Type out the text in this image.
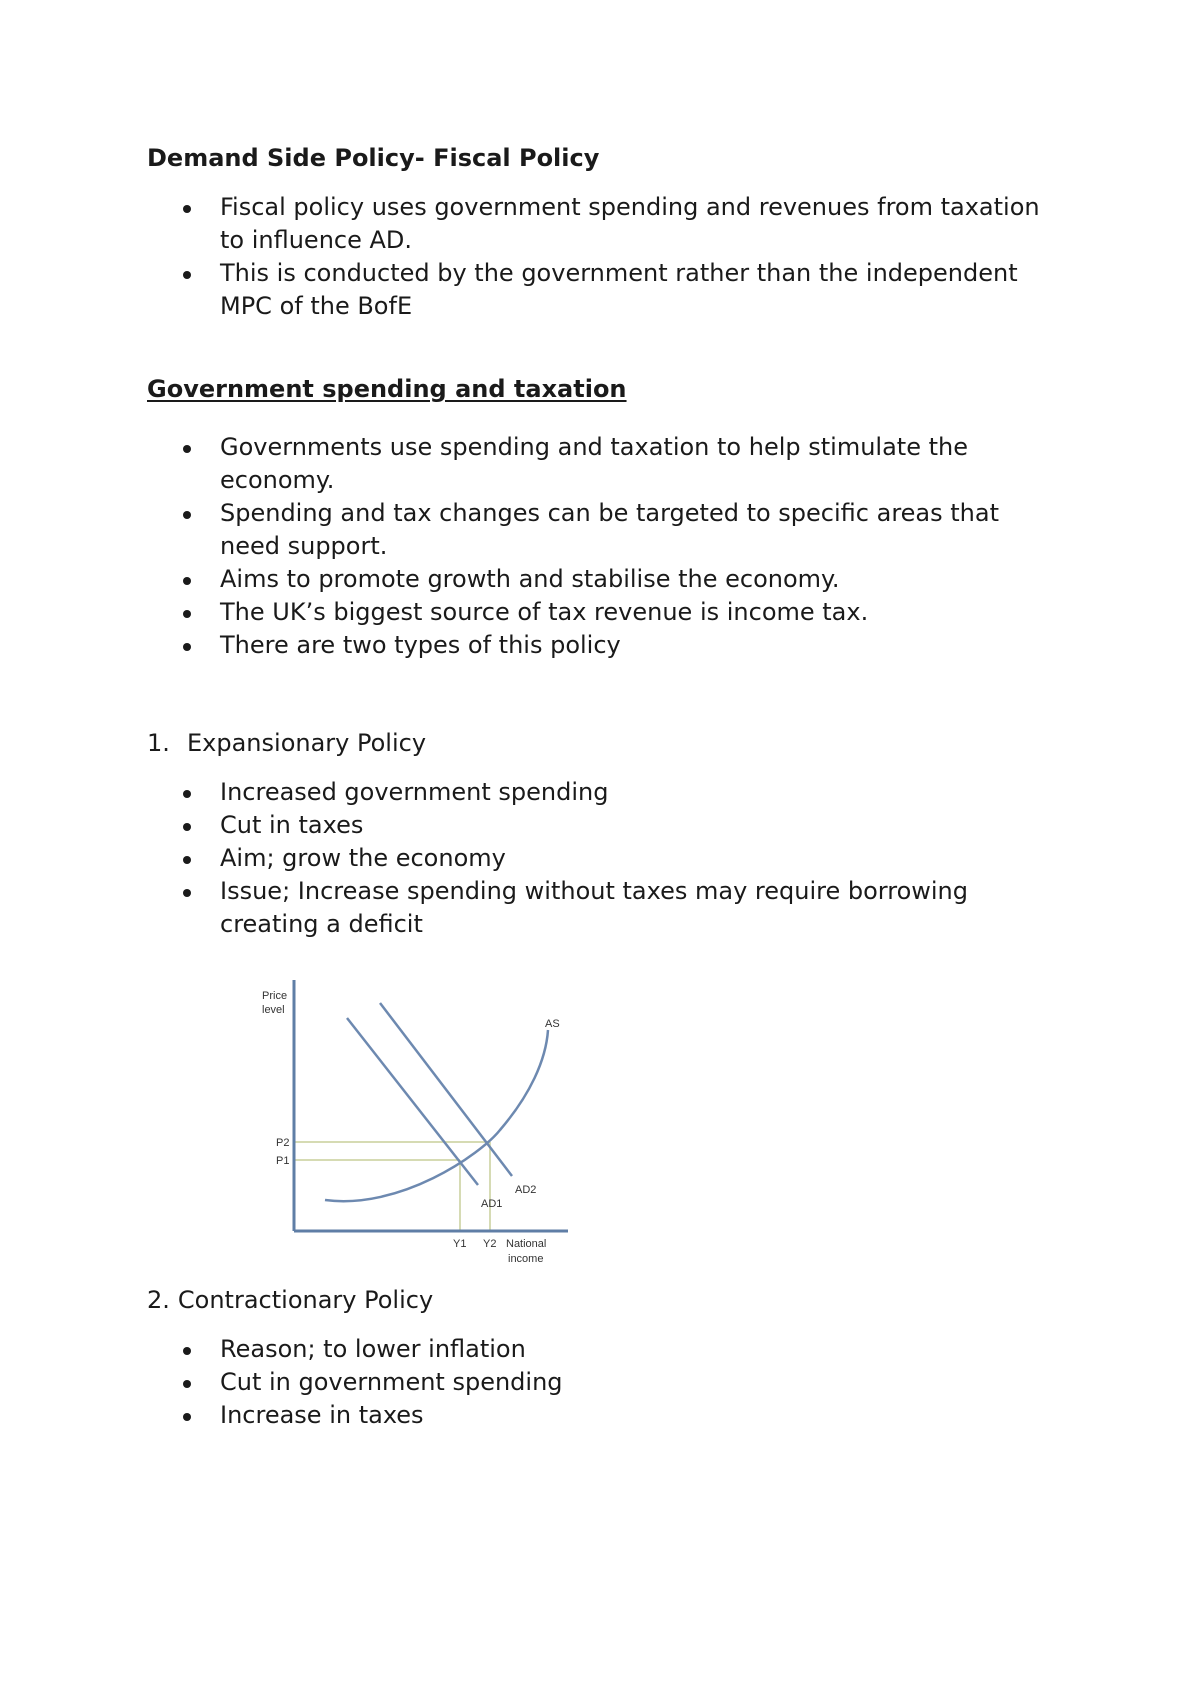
Demand Side Policy- Fiscal Policy
Fiscal policy uses government spending and revenues from taxation to influence AD.
This is conducted by the government rather than the independent MPC of the BofE
Government spending and taxation
Governments use spending and taxation to help stimulate the economy.
Spending and tax changes can be targeted to specific areas that need support.
Aims to promote growth and stabilise the economy.
The UK’s biggest source of tax revenue is income tax.
There are two types of this policy
1. Expansionary Policy
Increased government spending
Cut in taxes
Aim; grow the economy
Issue; Increase spending without taxes may require borrowing creating a deficit
Price
level
AS
P2
P1
AD2
AD1
Y1 Y2 National
income
2. Contractionary Policy
Reason; to lower inflation
Cut in government spending
Increase in taxes
